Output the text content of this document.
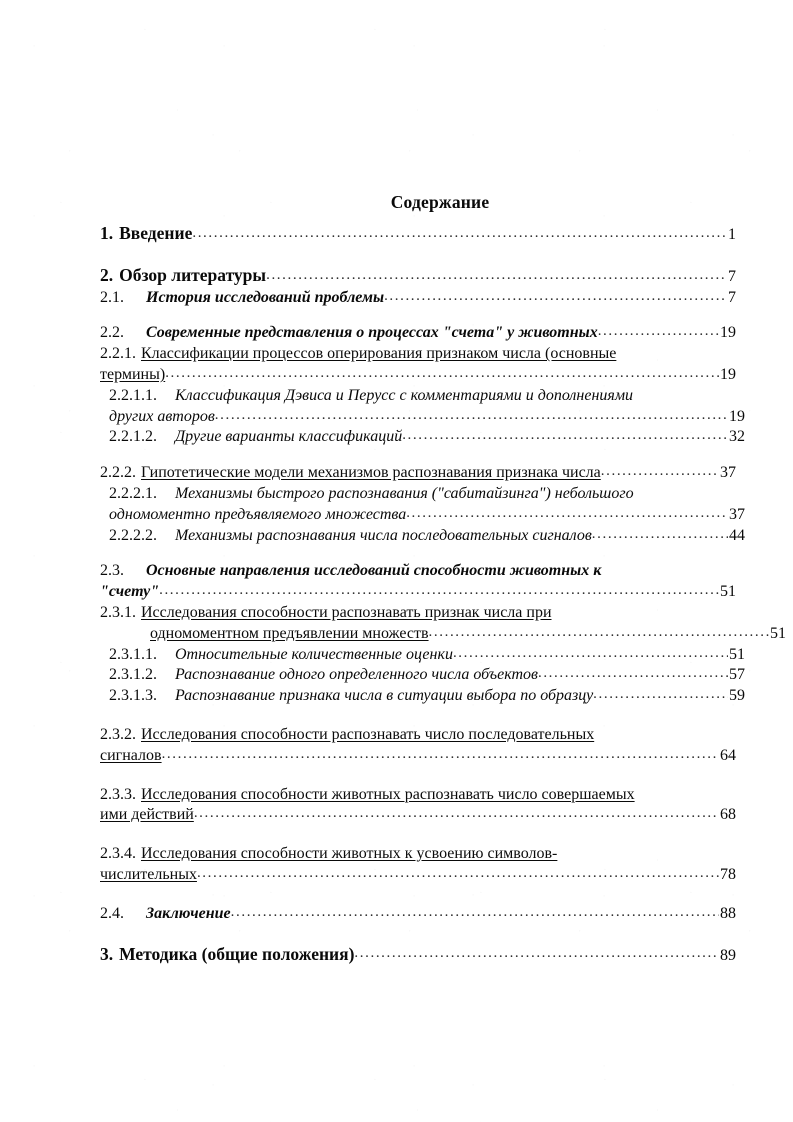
Содержание
1. Введение .....	1
2. Обзор литературы .....	7
2.1.	История исследований проблемы .....	7
2.2.	Современные представления о процессах "счета" у животных .....	19
2.2.1. Классификации процессов оперирования признаком числа (основные
термины) .....	19
2.2.1.1.	Классификация Дэвиса и Перусс с комментариями и дополнениями
других авторов .....	19
2.2.1.2.	Другие варианты классификаций .....	32
2.2.2. Гипотетические модели механизмов распознавания признака числа .....	37
2.2.2.1.	Механизмы быстрого распознавания ("сабитайзинга") небольшого
одномоментно предъявляемого множества .....	37
2.2.2.2.	Механизмы распознавания числа последовательных сигналов .....	44
2.3.	Основные направления исследований способности животных к
"счету" .....	51
2.3.1. Исследования способности распознавать признак числа при
одномоментном предъявлении множеств .....	51
2.3.1.1.	Относительные количественные оценки .....	51
2.3.1.2.	Распознавание одного определенного числа объектов .....	57
2.3.1.3.	Распознавание признака числа в ситуации выбора по образцу .....	59
2.3.2. Исследования способности распознавать число последовательных
сигналов .....	64
2.3.3. Исследования способности животных распознавать число совершаемых
ими действий .....	68
2.3.4. Исследования способности животных к усвоению символов-
числительных .....	78
2.4.	Заключение .....	88
3. Методика (общие положения) .....	89
